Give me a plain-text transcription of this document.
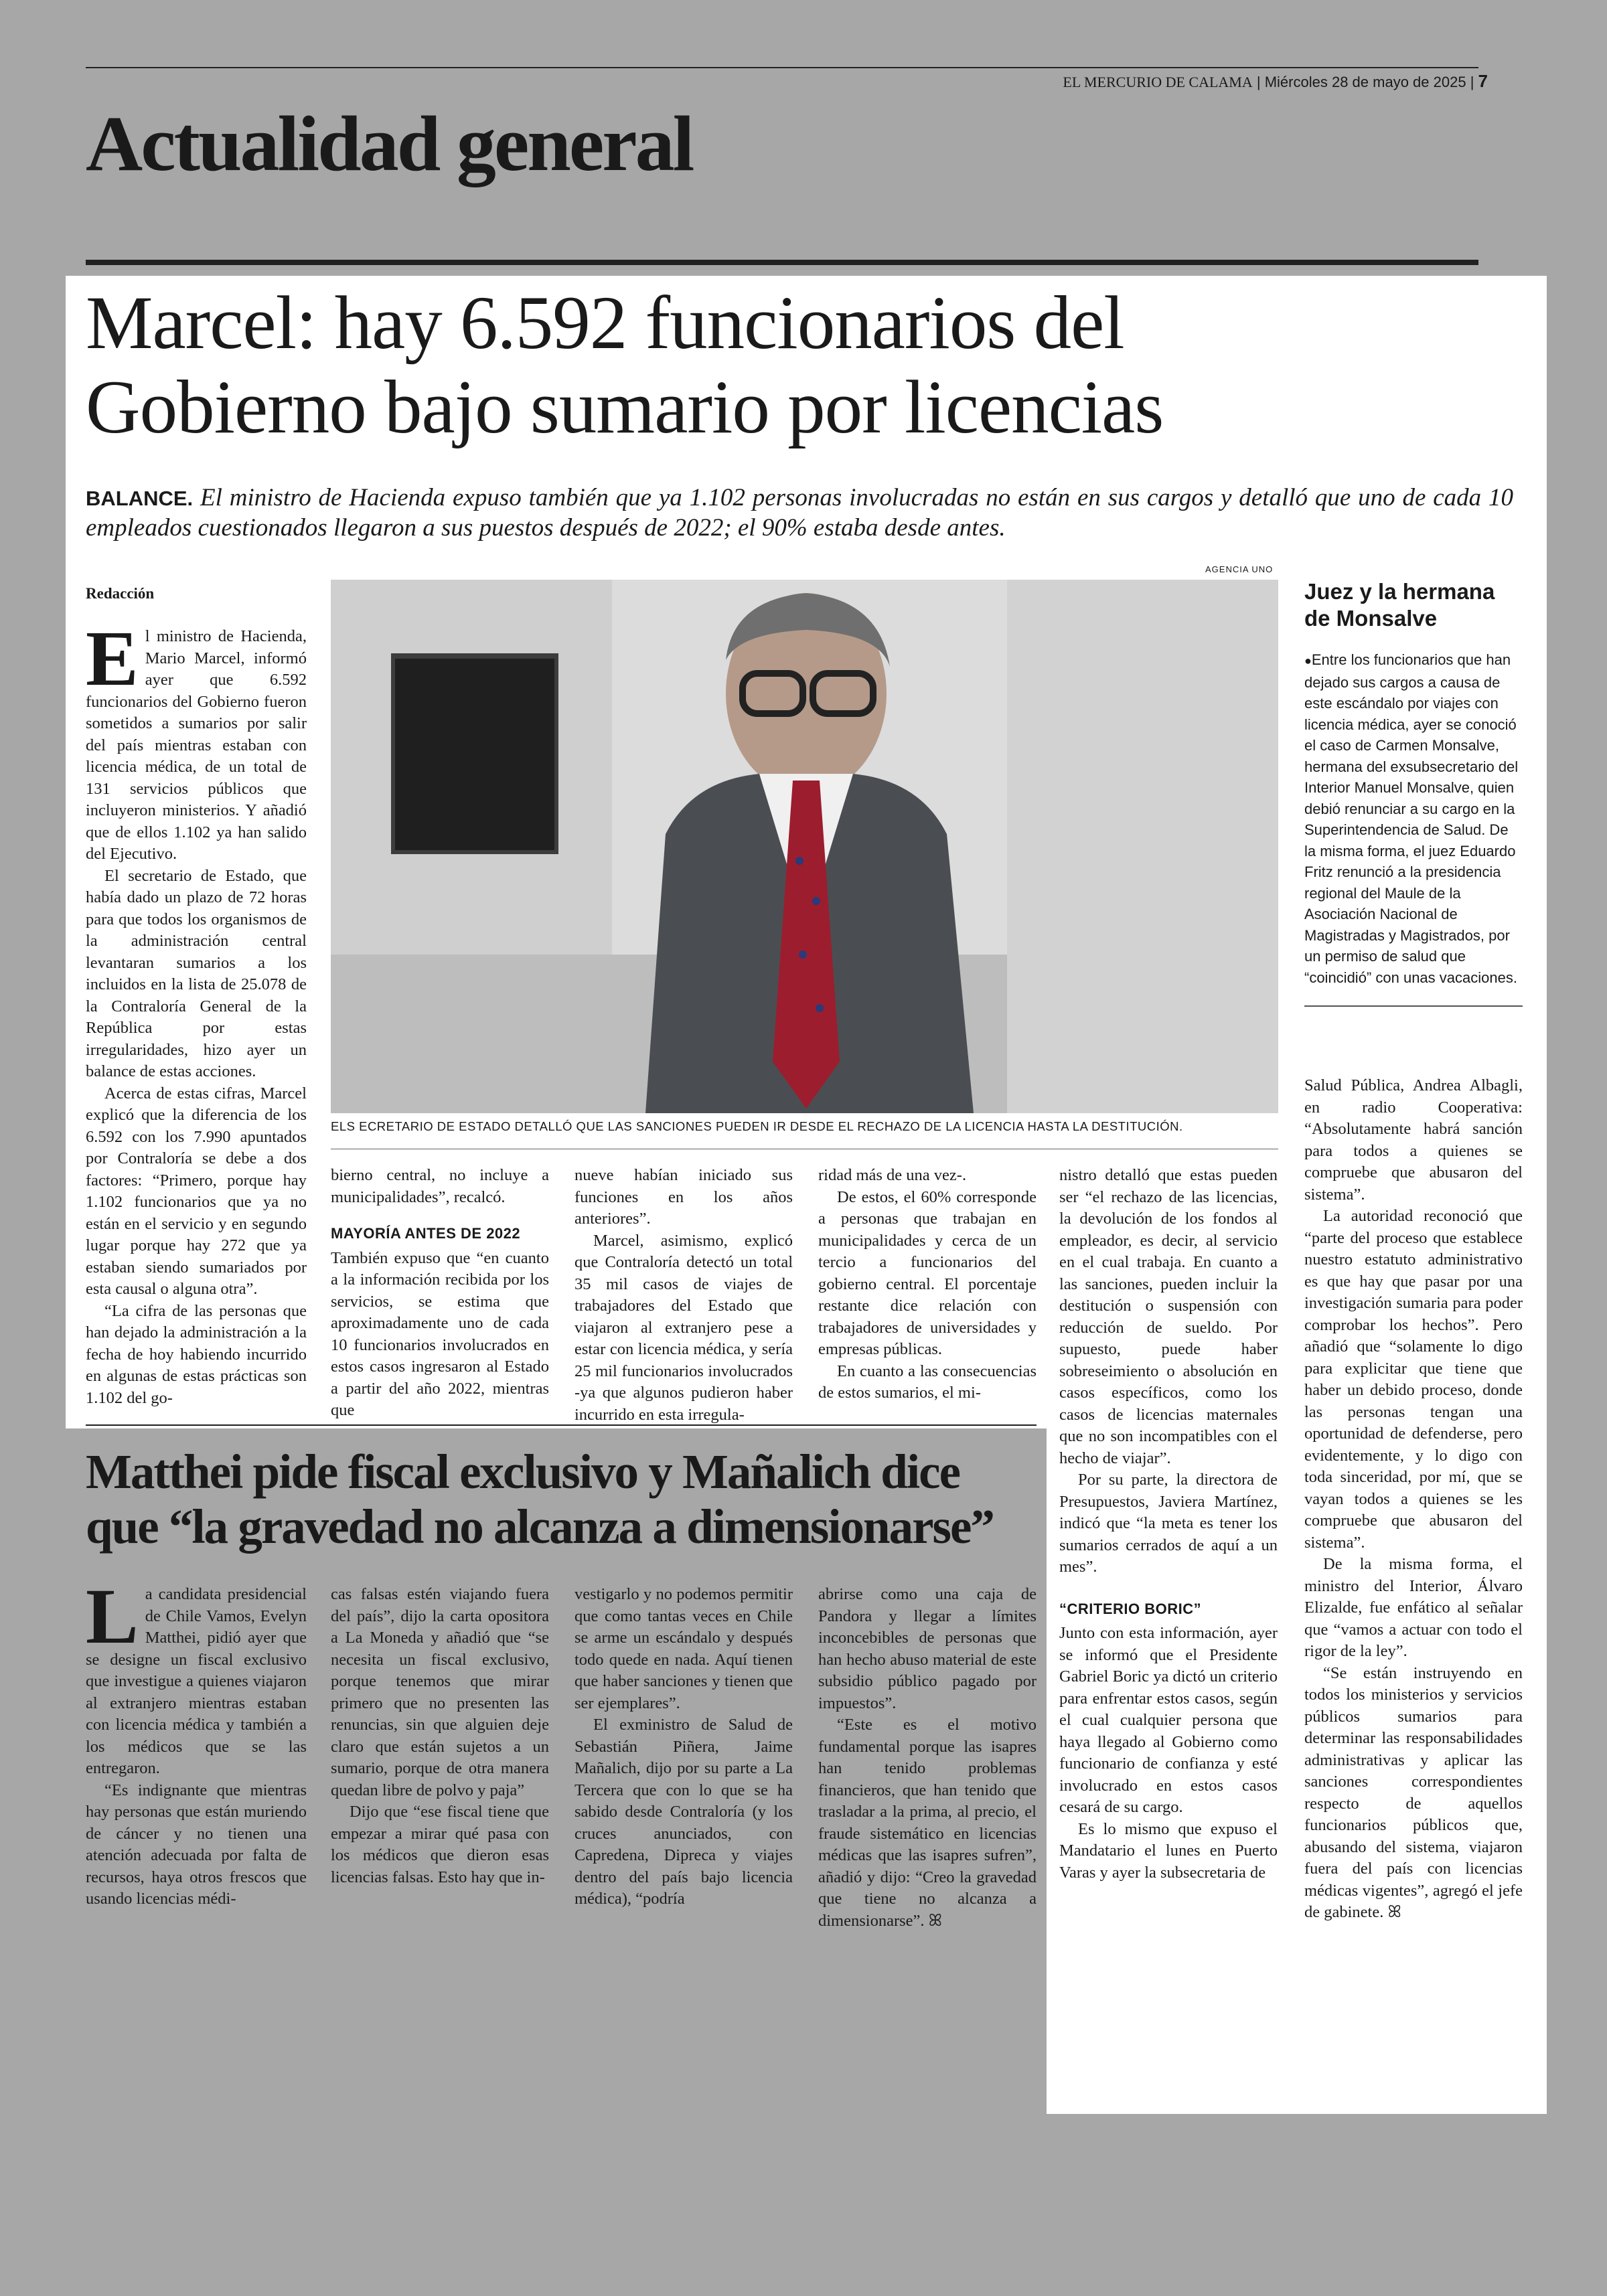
EL MERCURIO DE CALAMA | Miércoles 28 de mayo de 2025 | 7
Actualidad general
Marcel: hay 6.592 funcionarios del
Gobierno bajo sumario por licencias
BALANCE. El ministro de Hacienda expuso también que ya 1.102 personas involucradas no están en sus cargos y detalló que uno de cada 10 empleados cuestionados llegaron a sus puestos después de 2022; el 90% estaba desde antes.
Redacción

El ministro de Hacienda, Mario Marcel, informó ayer que 6.592 funcionarios del Gobierno fueron sometidos a sumarios por salir del país mientras estaban con licencia médica, de un total de 131 servicios públicos que incluyeron ministerios. Y añadió que de ellos 1.102 ya han salido del Ejecutivo.

El secretario de Estado, que había dado un plazo de 72 horas para que todos los organismos de la administración central levantaran sumarios a los incluidos en la lista de 25.078 de la Contraloría General de la República por estas irregularidades, hizo ayer un balance de estas acciones.

Acerca de estas cifras, Marcel explicó que la diferencia de los 6.592 con los 7.990 apuntados por Contraloría se debe a dos factores: “Primero, porque hay 1.102 funcionarios que ya no están en el servicio y en segundo lugar porque hay 272 que ya estaban siendo sumariados por esta causal o alguna otra”.

“La cifra de las personas que han dejado la administración a la fecha de hoy habiendo incurrido en algunas de estas prácticas son 1.102 del go-

AGENCIA UNO
ELS ECRETARIO DE ESTADO DETALLÓ QUE LAS SANCIONES PUEDEN IR DESDE EL RECHAZO DE LA LICENCIA HASTA LA DESTITUCIÓN.
Juez y la hermana de Monsalve
●Entre los funcionarios que han dejado sus cargos a causa de este escándalo por viajes con licencia médica, ayer se conoció el caso de Carmen Monsalve, hermana del exsubsecretario del Interior Manuel Monsalve, quien debió renunciar a su cargo en la Superintendencia de Salud. De la misma forma, el juez Eduardo Fritz renunció a la presidencia regional del Maule de la Asociación Nacional de Magistradas y Magistrados, por un permiso de salud que “coincidió” con unas vacaciones.

bierno central, no incluye a municipalidades”, recalcó.

MAYORÍA ANTES DE 2022

También expuso que “en cuanto a la información recibida por los servicios, se estima que aproximadamente uno de cada 10 funcionarios involucrados en estos casos ingresaron al Estado a partir del año 2022, mientras que

nueve habían iniciado sus funciones en los años anteriores”.

Marcel, asimismo, explicó que Contraloría detectó un total 35 mil casos de viajes de trabajadores del Estado que viajaron al extranjero pese a estar con licencia médica, y sería 25 mil funcionarios involucrados -ya que algunos pudieron haber incurrido en esta irregula-

ridad más de una vez-.

De estos, el 60% corresponde a personas que trabajan en municipalidades y cerca de un tercio a funcionarios del gobierno central. El porcentaje restante dice relación con trabajadores de universidades y empresas públicas.

En cuanto a las consecuencias de estos sumarios, el mi-

nistro detalló que estas pueden ser “el rechazo de las licencias, la devolución de los fondos al empleador, es decir, al servicio en el cual trabaja. En cuanto a las sanciones, pueden incluir la destitución o suspensión con reducción de sueldo. Por supuesto, puede haber sobreseimiento o absolución en casos específicos, como los casos de licencias maternales que no son incompatibles con el hecho de viajar”.

Por su parte, la directora de Presupuestos, Javiera Martínez, indicó que “la meta es tener los sumarios cerrados de aquí a un mes”.

“CRITERIO BORIC”

Junto con esta información, ayer se informó que el Presidente Gabriel Boric ya dictó un criterio para enfrentar estos casos, según el cual cualquier persona que haya llegado al Gobierno como funcionario de confianza y esté involucrado en estos casos cesará de su cargo.

Es lo mismo que expuso el Mandatario el lunes en Puerto Varas y ayer la subsecretaria de

Salud Pública, Andrea Albagli, en radio Cooperativa: “Absolutamente habrá sanción para todos a quienes se compruebe que abusaron del sistema”.

La autoridad reconoció que “parte del proceso que establece nuestro estatuto administrativo es que hay que pasar por una investigación sumaria para poder comprobar los hechos”. Pero añadió que “solamente lo digo para explicitar que tiene que haber un debido proceso, donde las personas tengan una oportunidad de defenderse, pero evidentemente, y lo digo con toda sinceridad, por mí, que se vayan todos a quienes se les compruebe que abusaron del sistema”.

De la misma forma, el ministro del Interior, Álvaro Elizalde, fue enfático al señalar que “vamos a actuar con todo el rigor de la ley”.

“Se están instruyendo en todos los ministerios y servicios públicos sumarios para determinar las responsabilidades administrativas y aplicar las sanciones correspondientes respecto de aquellos funcionarios públicos que, abusando del sistema, viajaron fuera del país con licencias médicas vigentes”, agregó el jefe de gabinete. ꕤ

Matthei pide fiscal exclusivo y Mañalich dice
que “la gravedad no alcanza a dimensionarse”

La candidata presidencial de Chile Vamos, Evelyn Matthei, pidió ayer que se designe un fiscal exclusivo que investigue a quienes viajaron al extranjero mientras estaban con licencia médica y también a los médicos que se las entregaron.

“Es indignante que mientras hay personas que están muriendo de cáncer y no tienen una atención adecuada por falta de recursos, haya otros frescos que usando licencias médi-

cas falsas estén viajando fuera del país”, dijo la carta opositora a La Moneda y añadió que “se necesita un fiscal exclusivo, porque tenemos que mirar primero que no presenten las renuncias, sin que alguien deje claro que están sujetos a un sumario, porque de otra manera quedan libre de polvo y paja”

Dijo que “ese fiscal tiene que empezar a mirar qué pasa con los médicos que dieron esas licencias falsas. Esto hay que in-

vestigarlo y no podemos permitir que como tantas veces en Chile se arme un escándalo y después todo quede en nada. Aquí tienen que haber sanciones y tienen que ser ejemplares”.

El exministro de Salud de Sebastián Piñera, Jaime Mañalich, dijo por su parte a La Tercera que con lo que se ha sabido desde Contraloría (y los cruces anunciados, con Capredena, Dipreca y viajes dentro del país bajo licencia médica), “podría

abrirse como una caja de Pandora y llegar a límites inconcebibles de personas que han hecho abuso material de este subsidio público pagado por impuestos”.

“Este es el motivo fundamental porque las isapres han tenido problemas financieros, que han tenido que trasladar a la prima, al precio, el fraude sistemático en licencias médicas que las isapres sufren”, añadió y dijo: “Creo la gravedad que tiene no alcanza a dimensionarse”. ꕤ
